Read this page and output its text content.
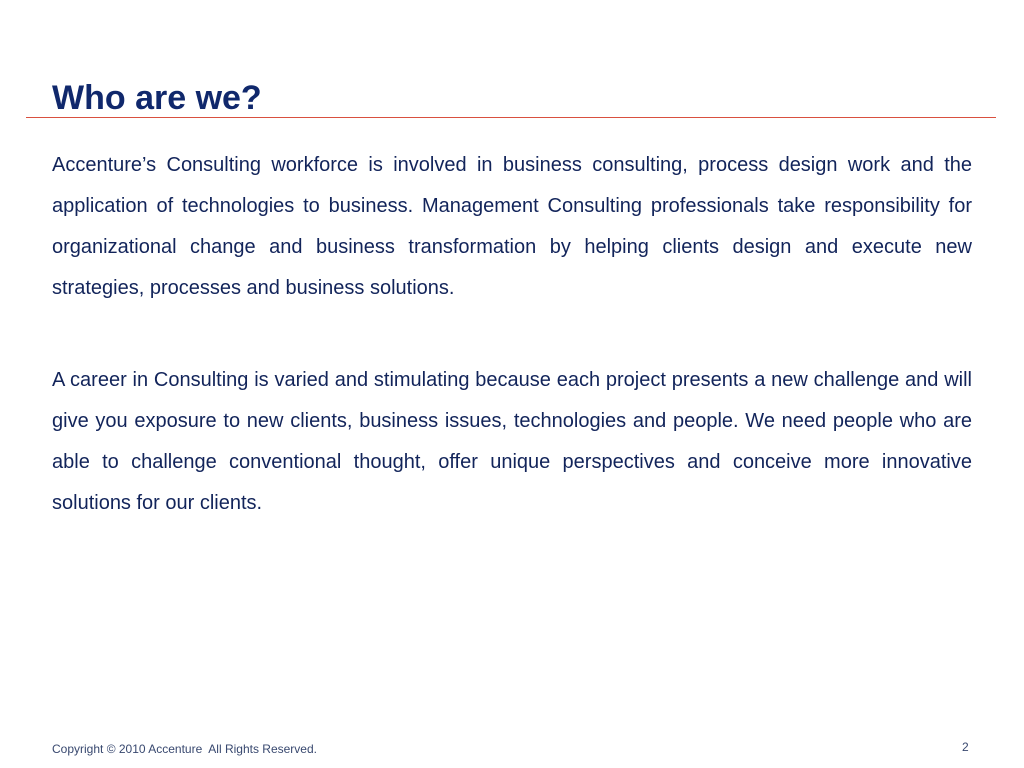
Who are we?

Accenture’s Consulting workforce is involved in business consulting, process design work and the application of technologies to business. Management Consulting professionals take responsibility for organizational change and business transformation by helping clients design and execute new strategies, processes and business solutions.

A career in Consulting is varied and stimulating because each project presents a new challenge and will give you exposure to new clients, business issues, technologies and people. We need people who are able to challenge conventional thought, offer unique perspectives and conceive more innovative solutions for our clients.

Copyright © 2010 Accenture  All Rights Reserved.	2
